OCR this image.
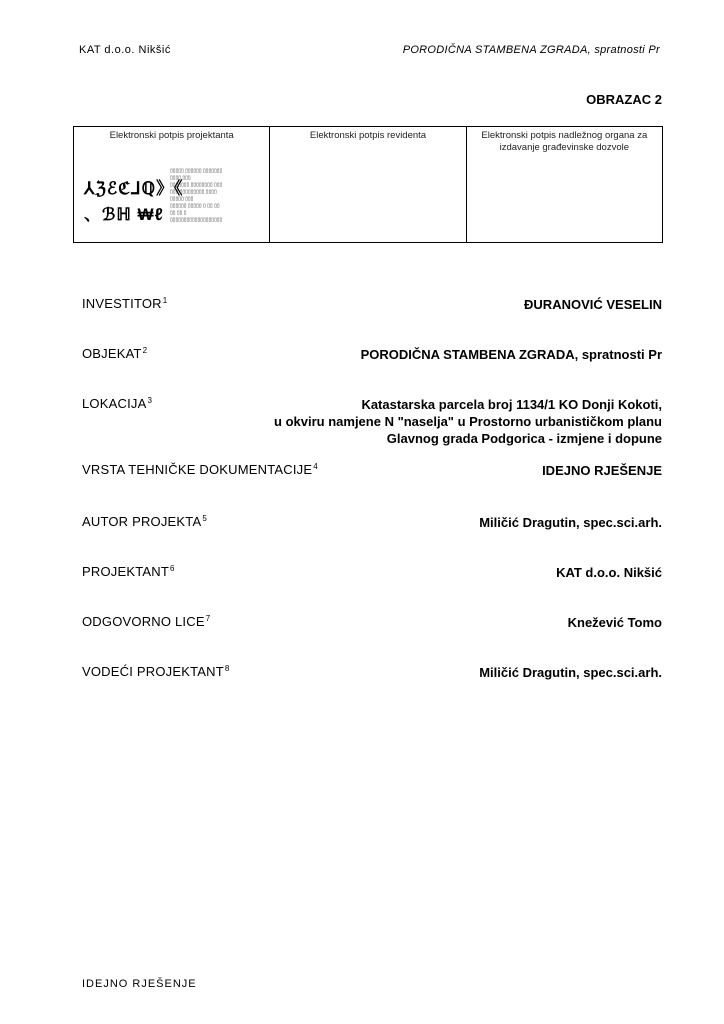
KAT d.o.o. Nikšić	PORODIČNA STAMBENA ZGRADA, spratnosti Pr
OBRAZAC 2
Elektronski potpis projektanta	Elektronski potpis revidenta	Elektronski potpis nadležnog organa za izdavanje građevinske dozvole
⅄ℨℰℭ⅃ℚ》《
、ℬℍ ₩ℓ
▯▯▯▯▯ ▯▯▯▯▯▯ ▯▯▯▯▯▯▯
▯▯▯▯ ▯▯▯
▯▯▯▯▯▯▯ ▯▯▯▯▯▯▯▯ ▯▯▯
▯▯▯ ▯▯▯▯▯▯▯▯▯ ▯▯▯▯
▯▯▯▯▯ ▯▯▯
▯▯▯▯▯▯ ▯▯▯▯▯ ▯ ▯▯ ▯▯
▯▯ ▯▯ ▯
▯▯▯▯▯▯▯▯▯▯▯▯▯▯▯▯▯▯▯
INVESTITOR$^1$	ĐURANOVIĆ VESELIN
OBJEKAT$^2$	PORODIČNA STAMBENA ZGRADA, spratnosti Pr
LOKACIJA$^3$	Katastarska parcela broj 1134/1 KO Donji Kokoti,
u okviru namjene N "naselja" u Prostorno urbanističkom planu
Glavnog grada Podgorica - izmjene i dopune
VRSTA TEHNIČKE DOKUMENTACIJE$^4$	IDEJNO RJEŠENJE
AUTOR PROJEKTA$^5$	Miličić Dragutin, spec.sci.arh.
PROJEKTANT$^6$	KAT d.o.o. Nikšić
ODGOVORNO LICE$^7$	Knežević Tomo
VODEĆI PROJEKTANT$^8$	Miličić Dragutin, spec.sci.arh.
IDEJNO RJEŠENJE
